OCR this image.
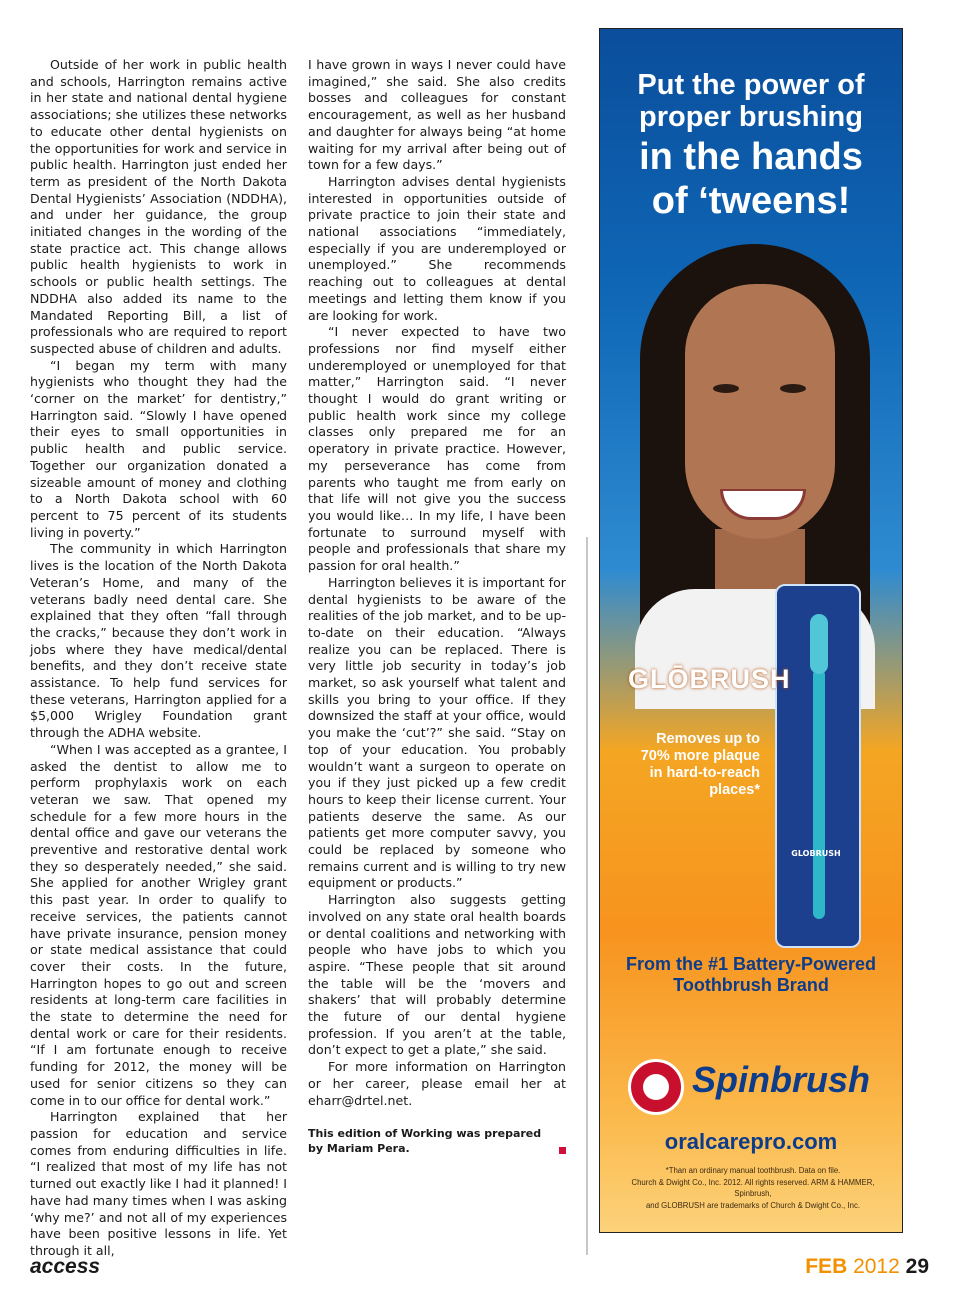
Outside of her work in public health and schools, Harrington remains active in her state and national dental hygiene associations; she utilizes these networks to educate other dental hygienists on the opportunities for work and service in public health. Harrington just ended her term as president of the North Dakota Dental Hygienists’ Association (NDDHA), and under her guidance, the group initiated changes in the wording of the state practice act. This change allows public health hygienists to work in schools or public health settings. The NDDHA also added its name to the Mandated Reporting Bill, a list of professionals who are required to report suspected abuse of children and adults.

“I began my term with many hygienists who thought they had the ‘corner on the market’ for dentistry,” Harrington said. “Slowly I have opened their eyes to small opportunities in public health and public service. Together our organization donated a sizeable amount of money and clothing to a North Dakota school with 60 percent to 75 percent of its students living in poverty.”

The community in which Harrington lives is the location of the North Dakota Veteran’s Home, and many of the veterans badly need dental care. She explained that they often “fall through the cracks,” because they don’t work in jobs where they have medical/dental benefits, and they don’t receive state assistance. To help fund services for these veterans, Harrington applied for a $5,000 Wrigley Foundation grant through the ADHA website.

“When I was accepted as a grantee, I asked the dentist to allow me to perform prophylaxis work on each veteran we saw. That opened my schedule for a few more hours in the dental office and gave our veterans the preventive and restorative dental work they so desperately needed,” she said. She applied for another Wrigley grant this past year. In order to qualify to receive services, the patients cannot have private insurance, pension money or state medical assistance that could cover their costs. In the future, Harrington hopes to go out and screen residents at long-term care facilities in the state to determine the need for dental work or care for their residents. “If I am fortunate enough to receive funding for 2012, the money will be used for senior citizens so they can come in to our office for dental work.”

Harrington explained that her passion for education and service comes from enduring difficulties in life. “I realized that most of my life has not turned out exactly like I had it planned! I have had many times when I was asking ‘why me?’ and not all of my experiences have been positive lessons in life. Yet through it all,

I have grown in ways I never could have imagined,” she said. She also credits bosses and colleagues for constant encouragement, as well as her husband and daughter for always being “at home waiting for my arrival after being out of town for a few days.”

Harrington advises dental hygienists interested in opportunities outside of private practice to join their state and national associations “immediately, especially if you are underemployed or unemployed.” She recommends reaching out to colleagues at dental meetings and letting them know if you are looking for work.

“I never expected to have two professions nor find myself either underemployed or unemployed for that matter,” Harrington said. “I never thought I would do grant writing or public health work since my college classes only prepared me for an operatory in private practice. However, my perseverance has come from parents who taught me from early on that life will not give you the success you would like… In my life, I have been fortunate to surround myself with people and professionals that share my passion for oral health.”

Harrington believes it is important for dental hygienists to be aware of the realities of the job market, and to be up-to-date on their education. “Always realize you can be replaced. There is very little job security in today’s job market, so ask yourself what talent and skills you bring to your office. If they downsized the staff at your office, would you make the ‘cut’?” she said. “Stay on top of your education. You probably wouldn’t want a surgeon to operate on you if they just picked up a few credit hours to keep their license current. Your patients deserve the same. As our patients get more computer savvy, you could be replaced by someone who remains current and is willing to try new equipment or products.”

Harrington also suggests getting involved on any state oral health boards or dental coalitions and networking with people who have jobs to which you aspire. “These people that sit around the table will be the ‘movers and shakers’ that will probably determine the future of our dental hygiene profession. If you aren’t at the table, don’t expect to get a plate,” she said.

For more information on Harrington or her career, please email her at eharr@drtel.net.

This edition of Working was prepared by Mariam Pera.

Put the power of
proper brushing
in the hands
of ‘tweens!
GLOBRUSH
GLŌBRUSH
Removes up to 70% more plaque in hard-to-reach places*
From the #1 Battery-Powered
Toothbrush Brand
Spinbrush
oralcarepro.com
*Than an ordinary manual toothbrush. Data on file.
Church & Dwight Co., Inc. 2012. All rights reserved. ARM & HAMMER, Spinbrush,
and GLOBRUSH are trademarks of Church & Dwight Co., Inc.
access	FEB 2012 29
